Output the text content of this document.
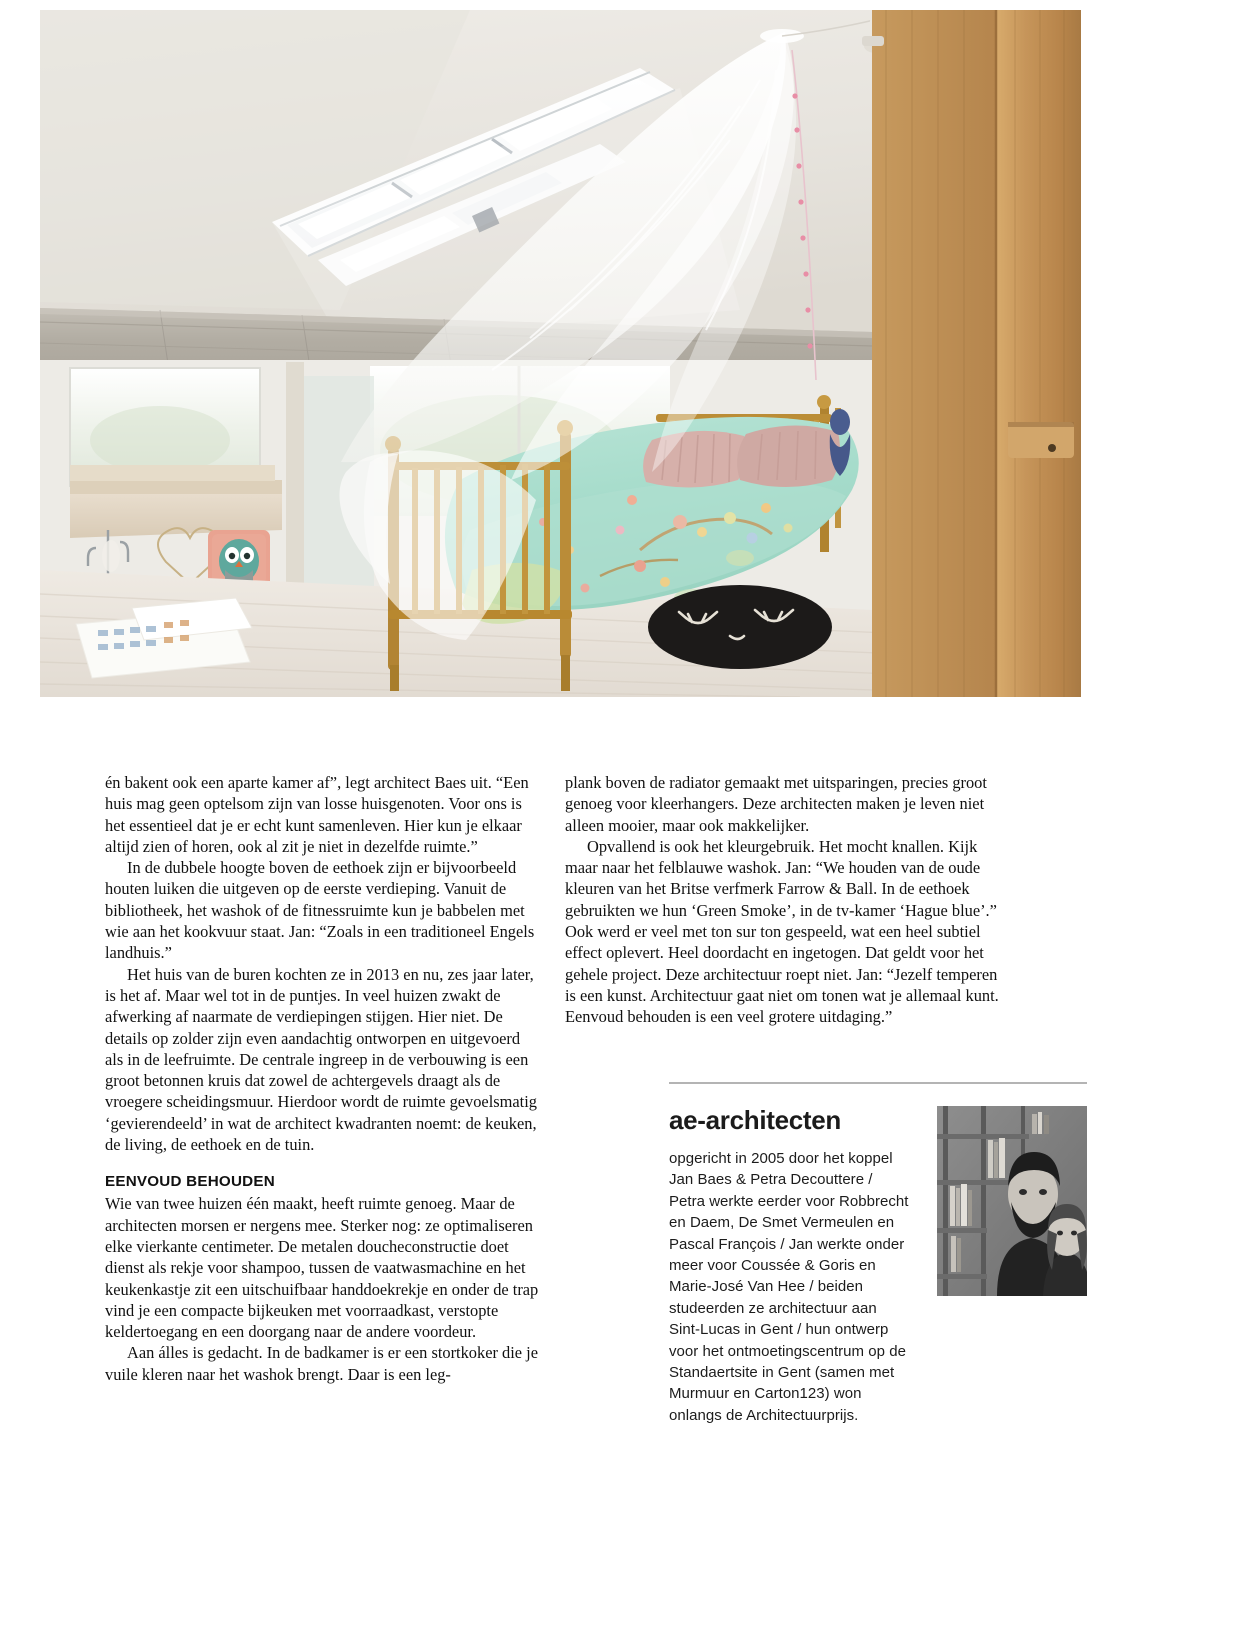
én bakent ook een aparte kamer af”, legt architect Baes uit. “Een huis mag geen optelsom zijn van losse huisgenoten. Voor ons is het essentieel dat je er echt kunt samenleven. Hier kun je elkaar altijd zien of horen, ook al zit je niet in dezelfde ruimte.”

In de dubbele hoogte boven de eethoek zijn er bijvoorbeeld houten luiken die uitgeven op de eerste verdieping. Vanuit de bibliotheek, het washok of de fitnessruimte kun je babbelen met wie aan het kookvuur staat. Jan: “Zoals in een traditioneel Engels landhuis.”

Het huis van de buren kochten ze in 2013 en nu, zes jaar later, is het af. Maar wel tot in de puntjes. In veel huizen zwakt de afwerking af naarmate de verdiepingen stijgen. Hier niet. De details op zolder zijn even aandachtig ontworpen en uitgevoerd als in de leefruimte. De centrale ingreep in de verbouwing is een groot betonnen kruis dat zowel de achtergevels draagt als de vroegere scheidingsmuur. Hierdoor wordt de ruimte gevoelsmatig ‘gevierendeeld’ in wat de architect kwadranten noemt: de keuken, de living, de eethoek en de tuin.

EENVOUD BEHOUDEN

Wie van twee huizen één maakt, heeft ruimte genoeg. Maar de architecten morsen er nergens mee. Sterker nog: ze optimaliseren elke vierkante centimeter. De metalen doucheconstructie doet dienst als rekje voor shampoo, tussen de vaatwasmachine en het keukenkastje zit een uitschuifbaar handdoekrekje en onder de trap vind je een compacte bijkeuken met voorraadkast, verstopte keldertoegang en een doorgang naar de andere voordeur.

Aan álles is gedacht. In de badkamer is er een stortkoker die je vuile kleren naar het washok brengt. Daar is een leg-

plank boven de radiator gemaakt met uitsparingen, precies groot genoeg voor kleerhangers. Deze architecten maken je leven niet alleen mooier, maar ook makkelijker.

Opvallend is ook het kleurgebruik. Het mocht knallen. Kijk maar naar het felblauwe washok. Jan: “We houden van de oude kleuren van het Britse verfmerk Farrow & Ball. In de eethoek gebruikten we hun ‘Green Smoke’, in de tv-kamer ‘Hague blue’.” Ook werd er veel met ton sur ton gespeeld, wat een heel subtiel effect oplevert. Heel doordacht en ingetogen. Dat geldt voor het gehele project. Deze architectuur roept niet. Jan: “Jezelf temperen is een kunst. Architectuur gaat niet om tonen wat je allemaal kunt. Eenvoud behouden is een veel grotere uitdaging.”

ae-architecten
opgericht in 2005 door het koppel Jan Baes & Petra Decouttere / Petra werkte eerder voor Robbrecht en Daem, De Smet Vermeulen en Pascal François / Jan werkte onder meer voor Coussée & Goris en Marie-José Van Hee / beiden studeerden ze architectuur aan Sint-Lucas in Gent / hun ontwerp voor het ontmoetingscentrum op de Standaertsite in Gent (samen met Murmuur en Carton123) won onlangs de Architectuurprijs.
